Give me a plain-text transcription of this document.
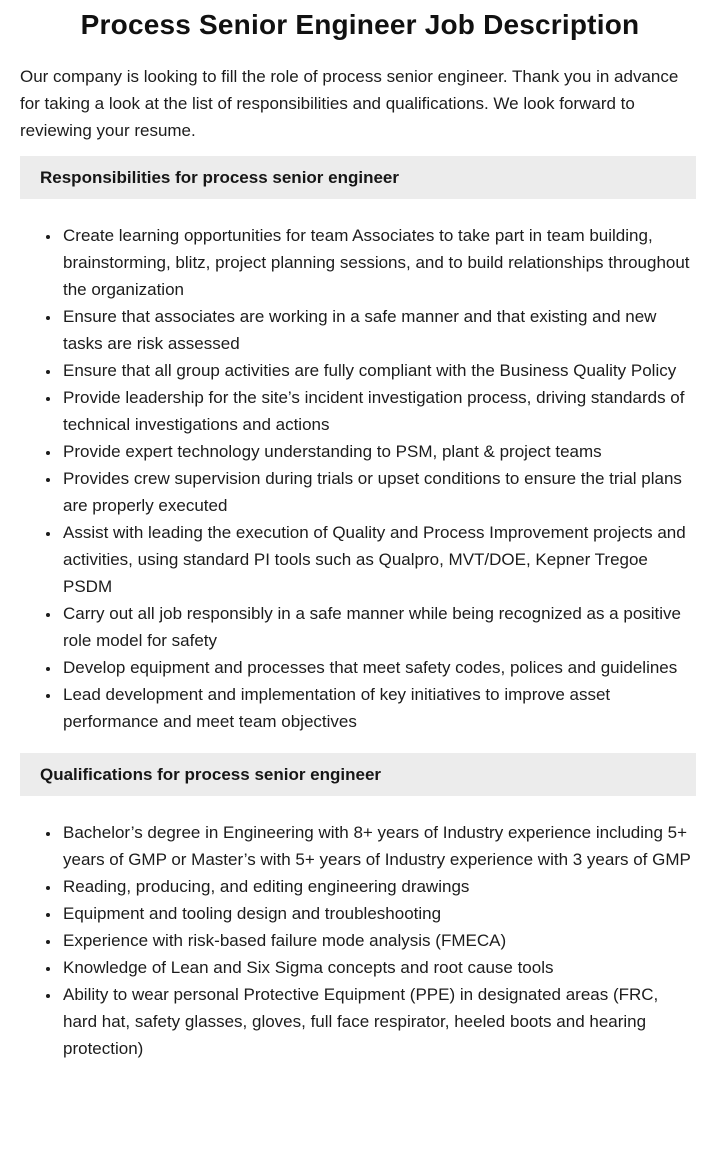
Process Senior Engineer Job Description

Our company is looking to fill the role of process senior engineer. Thank you in advance for taking a look at the list of responsibilities and qualifications. We look forward to reviewing your resume.

Responsibilities for process senior engineer
• Create learning opportunities for team Associates to take part in team building, brainstorming, blitz, project planning sessions, and to build relationships throughout the organization
• Ensure that associates are working in a safe manner and that existing and new tasks are risk assessed
• Ensure that all group activities are fully compliant with the Business Quality Policy
• Provide leadership for the site’s incident investigation process, driving standards of technical investigations and actions
• Provide expert technology understanding to PSM, plant & project teams
• Provides crew supervision during trials or upset conditions to ensure the trial plans are properly executed
• Assist with leading the execution of Quality and Process Improvement projects and activities, using standard PI tools such as Qualpro, MVT/DOE, Kepner Tregoe PSDM
• Carry out all job responsibly in a safe manner while being recognized as a positive role model for safety
• Develop equipment and processes that meet safety codes, polices and guidelines
• Lead development and implementation of key initiatives to improve asset performance and meet team objectives
Qualifications for process senior engineer
• Bachelor’s degree in Engineering with 8+ years of Industry experience including 5+ years of GMP or Master’s with 5+ years of Industry experience with 3 years of GMP
• Reading, producing, and editing engineering drawings
• Equipment and tooling design and troubleshooting
• Experience with risk-based failure mode analysis (FMECA)
• Knowledge of Lean and Six Sigma concepts and root cause tools
• Ability to wear personal Protective Equipment (PPE) in designated areas (FRC, hard hat, safety glasses, gloves, full face respirator, heeled boots and hearing protection)
